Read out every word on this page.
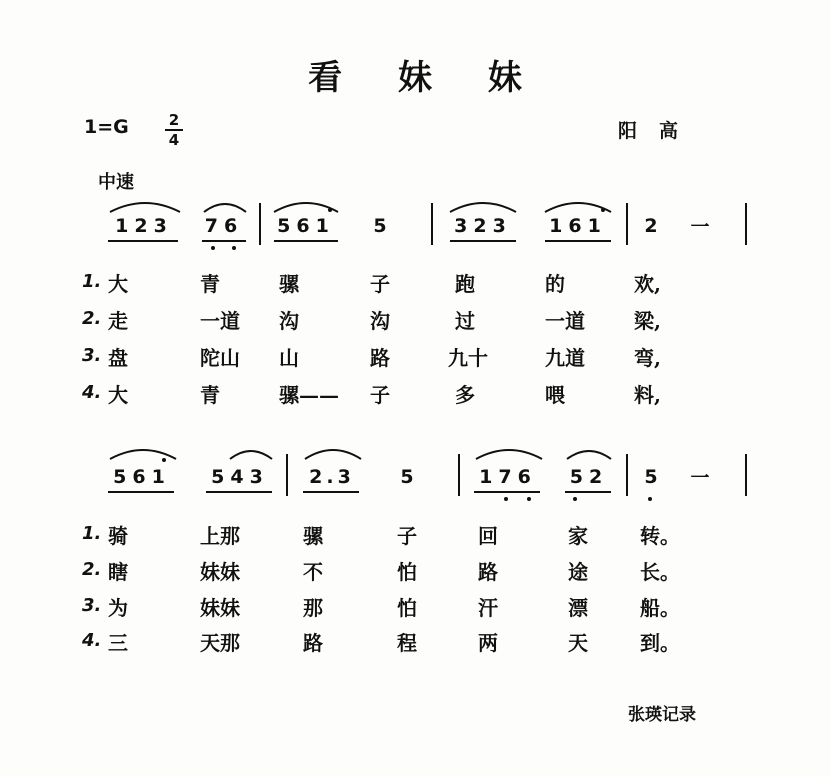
看 妹 妹
1=G	2
4	阳高
中速
123	76 561 5	323	161	2 一
1. 大	青	骡	子	跑	的	欢,
2. 走	一道 沟	沟	过	一道 梁,
3. 盘	陀山 山	路	九十	九道 弯,
4. 大	青	骡—— 子	多	喂	料,
561 543	2.3	5	176 52 5 一
1. 骑	上那	骡	子	回	家	转。
2. 瞎	妹妹	不	怕	路	途	长。
3. 为	妹妹	那	怕	汗	漂	船。
4. 三	天那	路	程	两	天	到。
张瑛记录
